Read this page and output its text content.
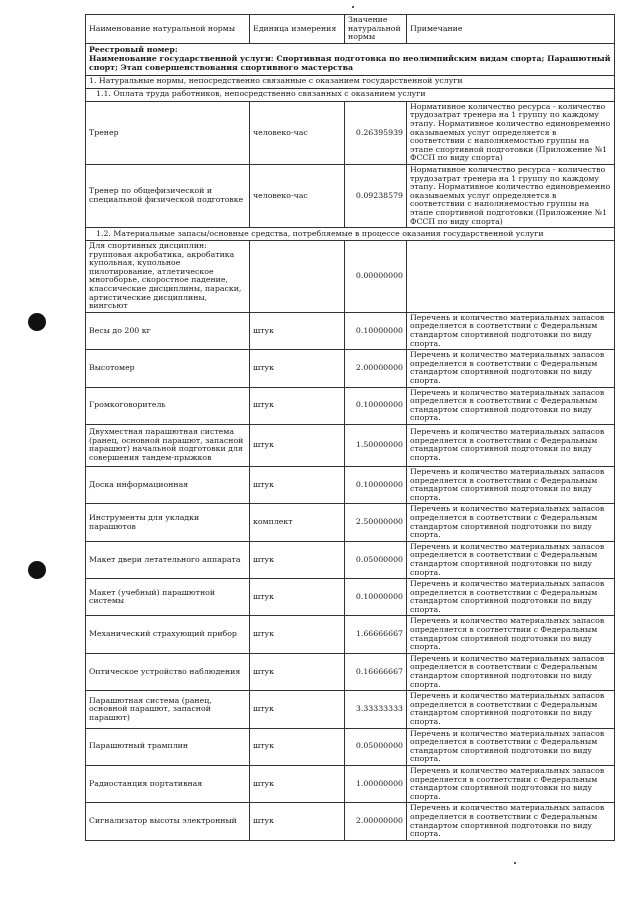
Наименование натуральной нормы	Единица измерения	Значение натуральной нормы	Примечание

Реестровый номер:
Наименование государственной услуги: Спортивная подготовка по неолимпийским видам спорта; Парашютный спорт; Этап совершенствования спортивного мастерства			

1. Натуральные нормы, непосредственно связанные с оказанием государственной услуги			
1.1. Оплата труда работников, непосредственно связанных с оказанием услуги			
Тренер	человеко-час	0.26395939	Нормативное количество ресурса - количество трудозатрат тренера на 1 группу по каждому этапу. Нормативное количество единовременно оказываемых услуг определяется в соответствии с наполняемостью группы на этапе спортивной подготовки (Приложение №1 ФССП по виду спорта)
Тренер по общефизической и специальной физической подготовке	человеко-час	0.09238579	Нормативное количество ресурса - количество трудозатрат тренера на 1 группу по каждому этапу. Нормативное количество единовременно оказываемых услуг определяется в соответствии с наполняемостью группы на этапе спортивной подготовки (Приложение №1 ФССП по виду спорта)
1.2. Материальные запасы/основные средства, потребляемые в процессе оказания государственной услуги			
Для спортивных дисциплин: групповая акробатика, акробатика купольная, купольное пилотирование, атлетическое многоборье, скоростное падение, классические дисциплины, параски, артистические дисциплины, вингсьют		0.00000000	
Весы до 200 кг	штук	0.10000000	Перечень и количество материальных запасов определяется в соответствии с Федеральным стандартом спортивной подготовки по виду спорта.
Высотомер	штук	2.00000000	Перечень и количество материальных запасов определяется в соответствии с Федеральным стандартом спортивной подготовки по виду спорта.
Громкоговоритель	штук	0.10000000	Перечень и количество материальных запасов определяется в соответствии с Федеральным стандартом спортивной подготовки по виду спорта.
Двухместная парашютная система (ранец, основной парашют, запасной парашют) начальной подготовки для совершения тандем-прыжков	штук	1.50000000	Перечень и количество материальных запасов определяется в соответствии с Федеральным стандартом спортивной подготовки по виду спорта.
Доска информационная	штук	0.10000000	Перечень и количество материальных запасов определяется в соответствии с Федеральным стандартом спортивной подготовки по виду спорта.
Инструменты для укладки парашютов	комплект	2.50000000	Перечень и количество материальных запасов определяется в соответствии с Федеральным стандартом спортивной подготовки по виду спорта.
Макет двери летательного аппарата	штук	0.05000000	Перечень и количество материальных запасов определяется в соответствии с Федеральным стандартом спортивной подготовки по виду спорта.
Макет (учебный) парашютной системы	штук	0.10000000	Перечень и количество материальных запасов определяется в соответствии с Федеральным стандартом спортивной подготовки по виду спорта.
Механический страхующий прибор	штук	1.66666667	Перечень и количество материальных запасов определяется в соответствии с Федеральным стандартом спортивной подготовки по виду спорта.
Оптическое устройство наблюдения	штук	0.16666667	Перечень и количество материальных запасов определяется в соответствии с Федеральным стандартом спортивной подготовки по виду спорта.
Парашютная система (ранец, основной парашют, запасной парашют)	штук	3.33333333	Перечень и количество материальных запасов определяется в соответствии с Федеральным стандартом спортивной подготовки по виду спорта.
Парашютный трамплин	штук	0.05000000	Перечень и количество материальных запасов определяется в соответствии с Федеральным стандартом спортивной подготовки по виду спорта.
Радиостанция портативная	штук	1.00000000	Перечень и количество материальных запасов определяется в соответствии с Федеральным стандартом спортивной подготовки по виду спорта.
Сигнализатор высоты электронный	штук	2.00000000	Перечень и количество материальных запасов определяется в соответствии с Федеральным стандартом спортивной подготовки по виду спорта.
